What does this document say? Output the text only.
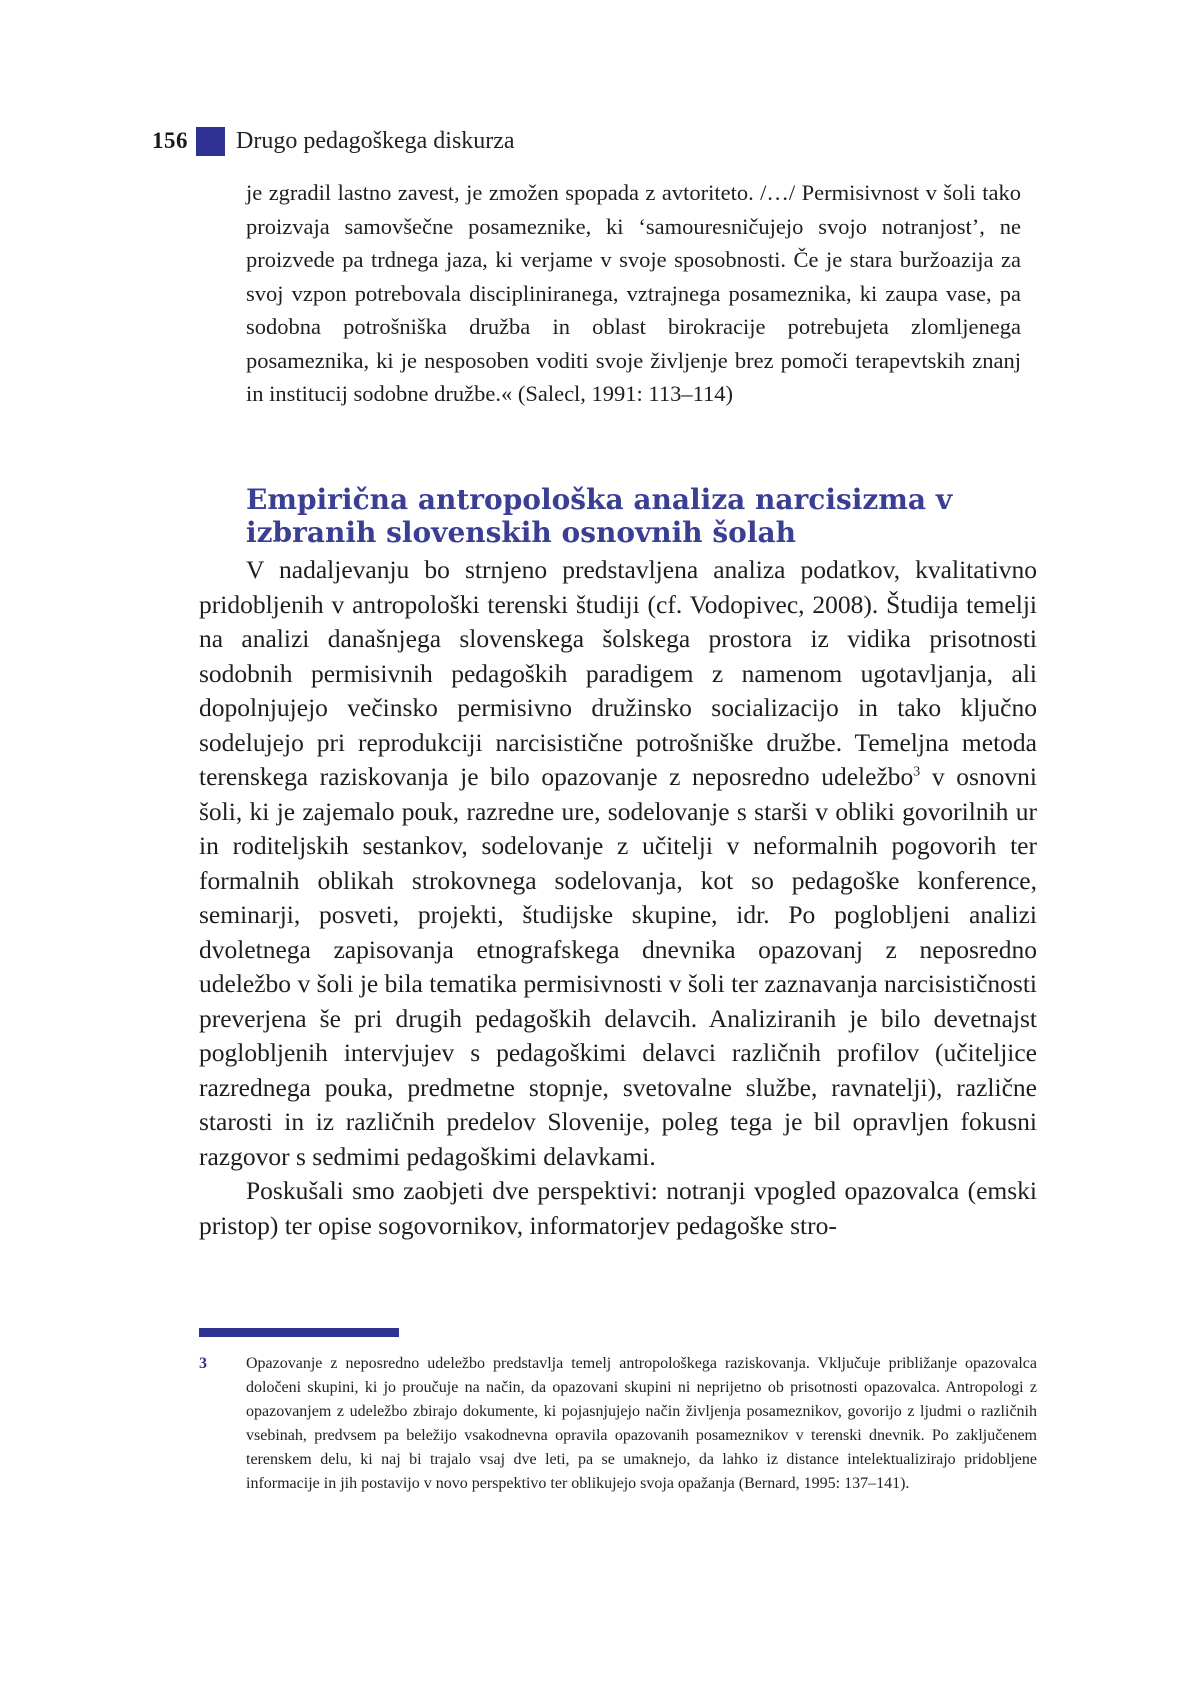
156 Drugo pedagoškega diskurza
je zgradil lastno zavest, je zmožen spopada z avtoriteto. /…/ Permisivnost v šoli tako proizvaja samovšečne posameznike, ki ‘samouresničujejo svojo notranjost’, ne proizvede pa trdnega jaza, ki verjame v svoje sposobnosti. Če je stara buržoazija za svoj vzpon potrebovala discipliniranega, vztrajnega posameznika, ki zaupa vase, pa sodobna potrošniška družba in oblast birokracije potrebujeta zlomljenega posameznika, ki je nesposoben voditi svoje življenje brez pomoči terapevtskih znanj in institucij sodobne družbe.« (Salecl, 1991: 113–114)
Empirična antropološka analiza narcisizma v izbranih slovenskih osnovnih šolah

V nadaljevanju bo strnjeno predstavljena analiza podatkov, kvalitativno pridobljenih v antropološki terenski študiji (cf. Vodopivec, 2008). Študija temelji na analizi današnjega slovenskega šolskega prostora iz vidika prisotnosti sodobnih permisivnih pedagoških paradigem z namenom ugotavljanja, ali dopolnjujejo večinsko permisivno družinsko socializacijo in tako ključno sodelujejo pri reprodukciji narcisistične potrošniške družbe. Temeljna metoda terenskega raziskovanja je bilo opazovanje z neposredno udeležbo$^3$ v osnovni šoli, ki je zajemalo pouk, razredne ure, sodelovanje s starši v obliki govorilnih ur in roditeljskih sestankov, sodelovanje z učitelji v neformalnih pogovorih ter formalnih oblikah strokovnega sodelovanja, kot so pedagoške konference, seminarji, posveti, projekti, študijske skupine, idr. Po poglobljeni analizi dvoletnega zapisovanja etnografskega dnevnika opazovanj z neposredno udeležbo v šoli je bila tematika permisivnosti v šoli ter zaznavanja narcisističnosti preverjena še pri drugih pedagoških delavcih. Analiziranih je bilo devetnajst poglobljenih intervjujev s pedagoškimi delavci različnih profilov (učiteljice razrednega pouka, predmetne stopnje, svetovalne službe, ravnatelji), različne starosti in iz različnih predelov Slovenije, poleg tega je bil opravljen fokusni razgovor s sedmimi pedagoškimi delavkami.

Poskušali smo zaobjeti dve perspektivi: notranji vpogled opazovalca (emski pristop) ter opise sogovornikov, informatorjev pedagoške stro-

3 Opazovanje z neposredno udeležbo predstavlja temelj antropološkega raziskovanja. Vključuje približanje opazovalca določeni skupini, ki jo proučuje na način, da opazovani skupini ni neprijetno ob prisotnosti opazovalca. Antropologi z opazovanjem z udeležbo zbirajo dokumente, ki pojasnjujejo način življenja posameznikov, govorijo z ljudmi o različnih vsebinah, predvsem pa beležijo vsakodnevna opravila opazovanih posameznikov v terenski dnevnik. Po zaključenem terenskem delu, ki naj bi trajalo vsaj dve leti, pa se umaknejo, da lahko iz distance intelektualizirajo pridobljene informacije in jih postavijo v novo perspektivo ter oblikujejo svoja opažanja (Bernard, 1995: 137–141).
